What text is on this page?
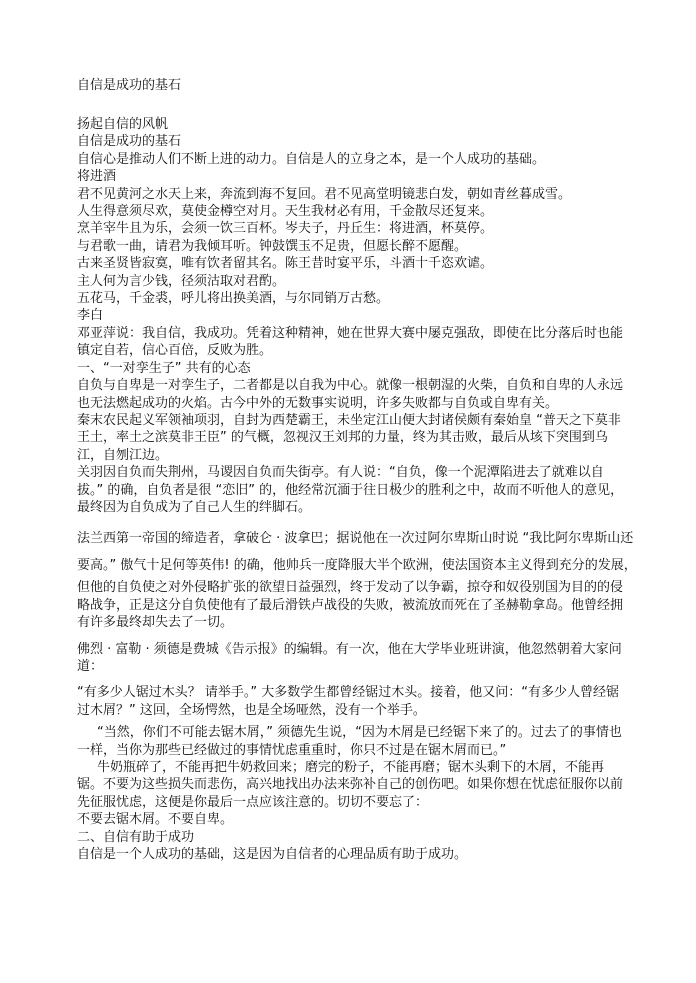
自信是成功的基石

扬起自信的风帆

自信是成功的基石

自信心是推动人们不断上进的动力。自信是人的立身之本，是一个人成功的基础。

将进酒

君不见黄河之水天上来，奔流到海不复回。君不见高堂明镜悲白发，朝如青丝暮成雪。

人生得意须尽欢，莫使金樽空对月。天生我材必有用，千金散尽还复来。

烹羊宰牛且为乐，会须一饮三百杯。岑夫子，丹丘生：将进酒，杯莫停。

与君歌一曲，请君为我倾耳听。钟鼓馔玉不足贵，但愿长醉不愿醒。

古来圣贤皆寂寞，唯有饮者留其名。陈王昔时宴平乐，斗酒十千恣欢谑。

主人何为言少钱，径须沽取对君酌。

五花马，千金裘，呼儿将出换美酒，与尔同销万古愁。

李白

邓亚萍说：我自信，我成功。凭着这种精神，她在世界大赛中屡克强敌，即使在比分落后时也能镇定自若，信心百倍，反败为胜。

一、“一对孪生子” 共有的心态

自负与自卑是一对孪生子，二者都是以自我为中心。就像一根朝湿的火柴，自负和自卑的人永远也无法燃起成功的火焰。古今中外的无数事实说明，许多失败都与自负或自卑有关。

秦末农民起义军领袖项羽，自封为西楚霸王，未坐定江山便大封诸侯颇有秦始皇 “普天之下莫非王土，率土之滨莫非王臣” 的气概，忽视汉王刘邦的力量，终为其击败，最后从垓下突围到乌江，自刎江边。

关羽因自负而失荆州，马谡因自负而失街亭。有人说：“自负，像一个泥潭陷进去了就难以自拔。” 的确，自负者是很 “恋旧” 的，他经常沉湎于往日极少的胜利之中，故而不听他人的意见，最终因为自负成为了自己人生的绊脚石。

法兰西第一帝国的缔造者，拿破仑 · 波拿巴；据说他在一次过阿尔卑斯山时说 “我比阿尔卑斯山还

要高。” 傲气十足何等英伟! 的确，他帅兵一度降服大半个欧洲，使法国资本主义得到充分的发展，

但他的自负使之对外侵略扩张的欲望日益强烈，终于发动了以争霸，掠夺和奴役别国为目的的侵略战争，正是这分自负使他有了最后滑铁卢战役的失败，被流放而死在了圣赫勒拿岛。他曾经拥有许多最终却失去了一切。

佛烈 · 富勒 · 须德是费城《告示报》的编辑。有一次，他在大学毕业班讲演，他忽然朝着大家问道：

“有多少人锯过木头？ 请举手。” 大多数学生都曾经锯过木头。接着，他又问：“有多少人曾经锯过木屑？” 这回，全场愕然，也是全场哑然，没有一个举手。

“当然，你们不可能去锯木屑，” 须德先生说，“因为木屑是已经锯下来了的。过去了的事情也一样，当你为那些已经做过的事情忧虑重重时，你只不过是在锯木屑而已。”

牛奶瓶碎了，不能再把牛奶救回来；磨完的粉子，不能再磨；锯木头剩下的木屑，不能再锯。不要为这些损失而悲伤，高兴地找出办法来弥补自己的创伤吧。如果你想在忧虑征服你以前先征服忧虑，这便是你最后一点应该注意的。切切不要忘了：

不要去锯木屑。不要自卑。

二、自信有助于成功

自信是一个人成功的基础，这是因为自信者的心理品质有助于成功。
